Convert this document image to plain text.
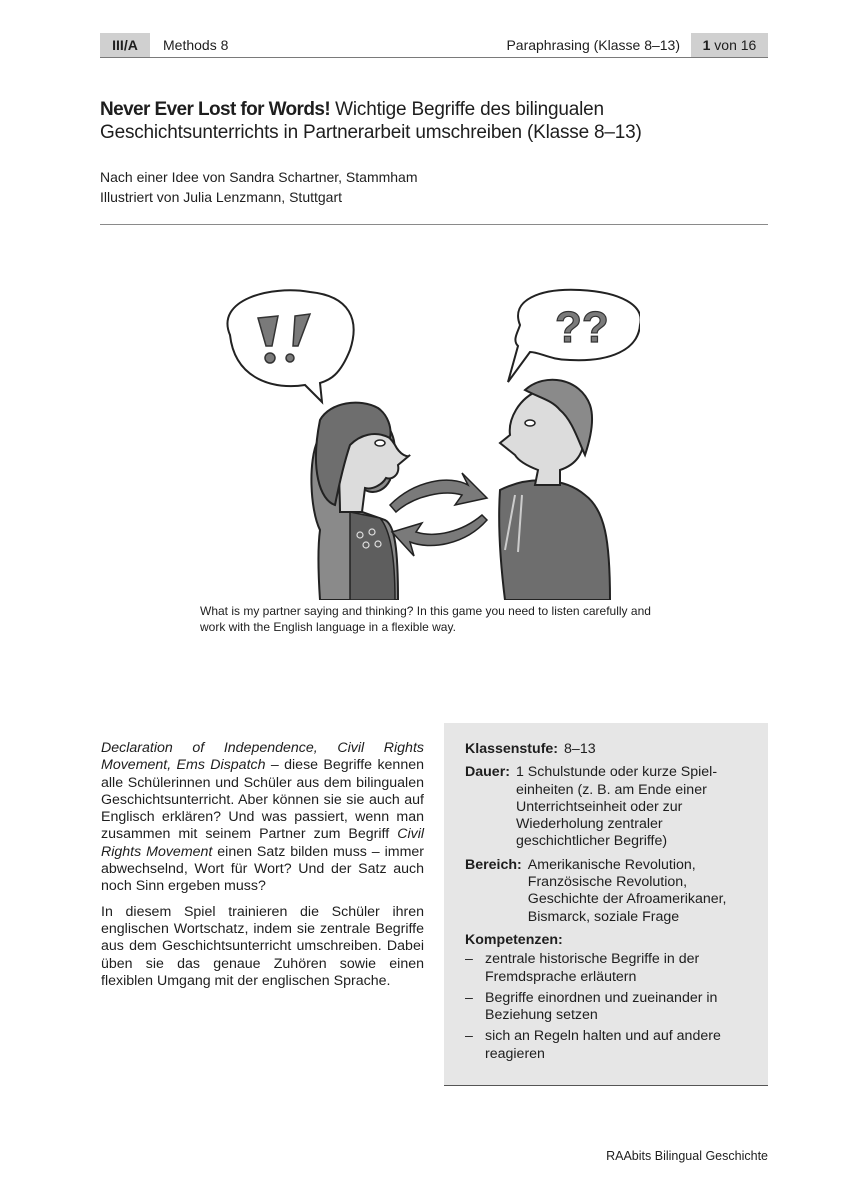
III/A	Methods 8	Paraphrasing (Klasse 8–13)	1 von 16
Never Ever Lost for Words! Wichtige Begriffe des bilingualen Geschichtsunterrichts in Partnerarbeit umschreiben (Klasse 8–13)
Nach einer Idee von Sandra Schartner, Stammham
Illustriert von Julia Lenzmann, Stuttgart
??
What is my partner saying and thinking? In this game you need to listen carefully and work with the English language in a flexible way.

Declaration of Independence, Civil Rights Movement, Ems Dispatch – diese Begriffe kennen alle Schülerinnen und Schüler aus dem bilingualen Geschichtsunterricht. Aber können sie sie auch auf Englisch erklären? Und was passiert, wenn man zusammen mit seinem Partner zum Begriff Civil Rights Movement einen Satz bilden muss – immer abwechselnd, Wort für Wort? Und der Satz auch noch Sinn ergeben muss?

In diesem Spiel trainieren die Schüler ihren englischen Wortschatz, indem sie zentrale Begriffe aus dem Geschichtsunterricht umschreiben. Dabei üben sie das genaue Zuhören sowie einen flexiblen Umgang mit der englischen Sprache.

Klassenstufe: 8–13
Dauer: 1 Schulstunde oder kurze Spieleinheiten (z. B. am Ende einer Unterrichtseinheit oder zur Wiederholung zentraler geschichtlicher Begriffe)
Bereich: Amerikanische Revolution, Französische Revolution, Geschichte der Afroamerikaner, Bismarck, soziale Frage
Kompetenzen:
– zentrale historische Begriffe in der Fremdsprache erläutern
– Begriffe einordnen und zueinander in Beziehung setzen
– sich an Regeln halten und auf andere reagieren
RAAbits Bilingual Geschichte
